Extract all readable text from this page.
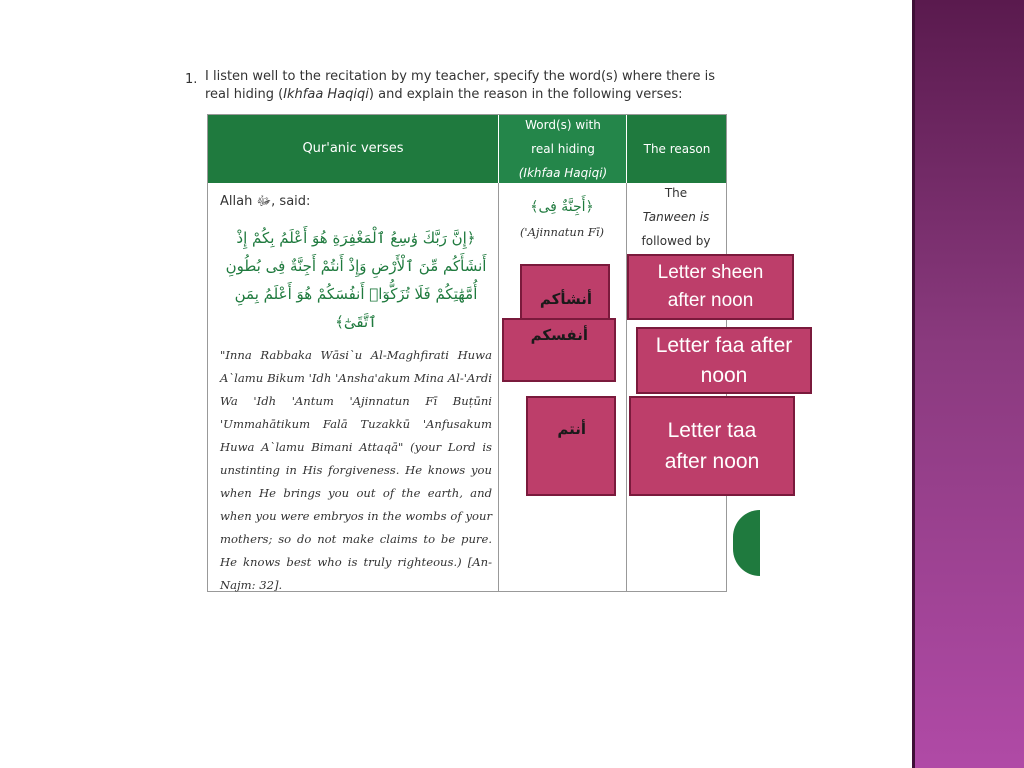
1. I listen well to the recitation by my teacher, specify the word(s) where there is real hiding (Ikhfaa Haqiqi) and explain the reason in the following verses:
Qur'anic verses
Word(s) with
real hiding
(Ikhfaa Haqiqi)
The reason
Allah ﷻ, said:
﴿إِنَّ رَبَّكَ وَٰسِعُ ٱلْمَغْفِرَةِ هُوَ أَعْلَمُ بِكُمْ إِذْ أَنشَأَكُم مِّنَ ٱلْأَرْضِ وَإِذْ أَنتُمْ أَجِنَّةٌ فِى بُطُونِ أُمَّهَٰتِكُمْ فَلَا تُزَكُّوٓا۟ أَنفُسَكُمْ هُوَ أَعْلَمُ بِمَنِ ٱتَّقَىٰٓ﴾
"Inna Rabbaka Wāsi`u Al-Maghfirati Huwa A`lamu Bikum 'Idh 'Ansha'akum Mina Al-'Ardi Wa 'Idh 'Antum 'Ajinnatun Fī Buṭūni 'Ummahātikum Falā Tuzakkū 'Anfusakum Huwa A`lamu Bimani Attaqā" (your Lord is unstinting in His forgiveness. He knows you when He brings you out of the earth, and when you were embryos in the wombs of your mothers; so do not make claims to be pure. He knows best who is truly righteous.) [An-Najm: 32].
﴿أَجِنَّةٌ فِى﴾
('Ajinnatun Fī)
The
Tanween is
followed by
أنشأكم
أنفسكم
أنتم
Letter sheen after noon
Letter faa after noon
Letter taa after noon
